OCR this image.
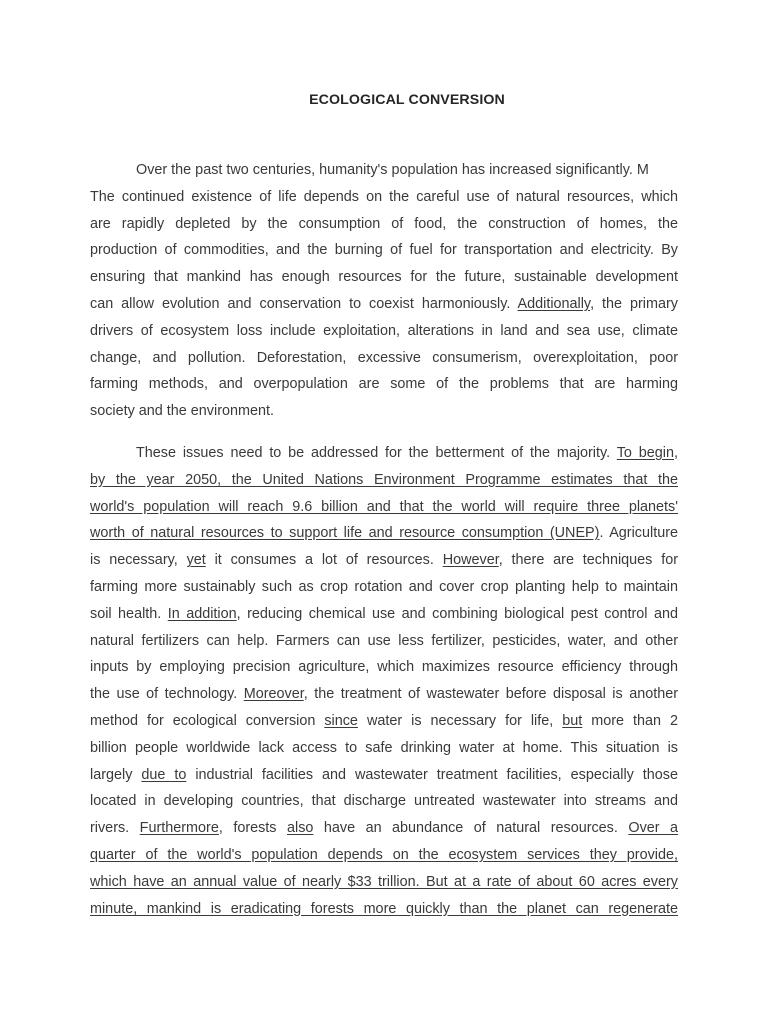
ECOLOGICAL CONVERSION
Over the past two centuries, humanity's population has increased significantly. M
The continued existence of life depends on the careful use of natural resources, which
are rapidly depleted by the consumption of food, the construction of homes, the
production of commodities, and the burning of fuel for transportation and electricity. By
ensuring that mankind has enough resources for the future, sustainable development
can allow evolution and conservation to coexist harmoniously. Additionally, the primary
drivers of ecosystem loss include exploitation, alterations in land and sea use, climate
change, and pollution. Deforestation, excessive consumerism, overexploitation, poor
farming methods, and overpopulation are some of the problems that are harming
society and the environment.
These issues need to be addressed for the betterment of the majority. To begin,
by the year 2050, the United Nations Environment Programme estimates that the
world's population will reach 9.6 billion and that the world will require three planets'
worth of natural resources to support life and resource consumption (UNEP). Agriculture
is necessary, yet it consumes a lot of resources. However, there are techniques for
farming more sustainably such as crop rotation and cover crop planting help to maintain
soil health. In addition, reducing chemical use and combining biological pest control and
natural fertilizers can help. Farmers can use less fertilizer, pesticides, water, and other
inputs by employing precision agriculture, which maximizes resource efficiency through
the use of technology. Moreover, the treatment of wastewater before disposal is another
method for ecological conversion since water is necessary for life, but more than 2
billion people worldwide lack access to safe drinking water at home. This situation is
largely due to industrial facilities and wastewater treatment facilities, especially those
located in developing countries, that discharge untreated wastewater into streams and
rivers. Furthermore, forests also have an abundance of natural resources. Over a
quarter of the world's population depends on the ecosystem services they provide,
which have an annual value of nearly $33 trillion. But at a rate of about 60 acres every
minute, mankind is eradicating forests more quickly than the planet can regenerate
